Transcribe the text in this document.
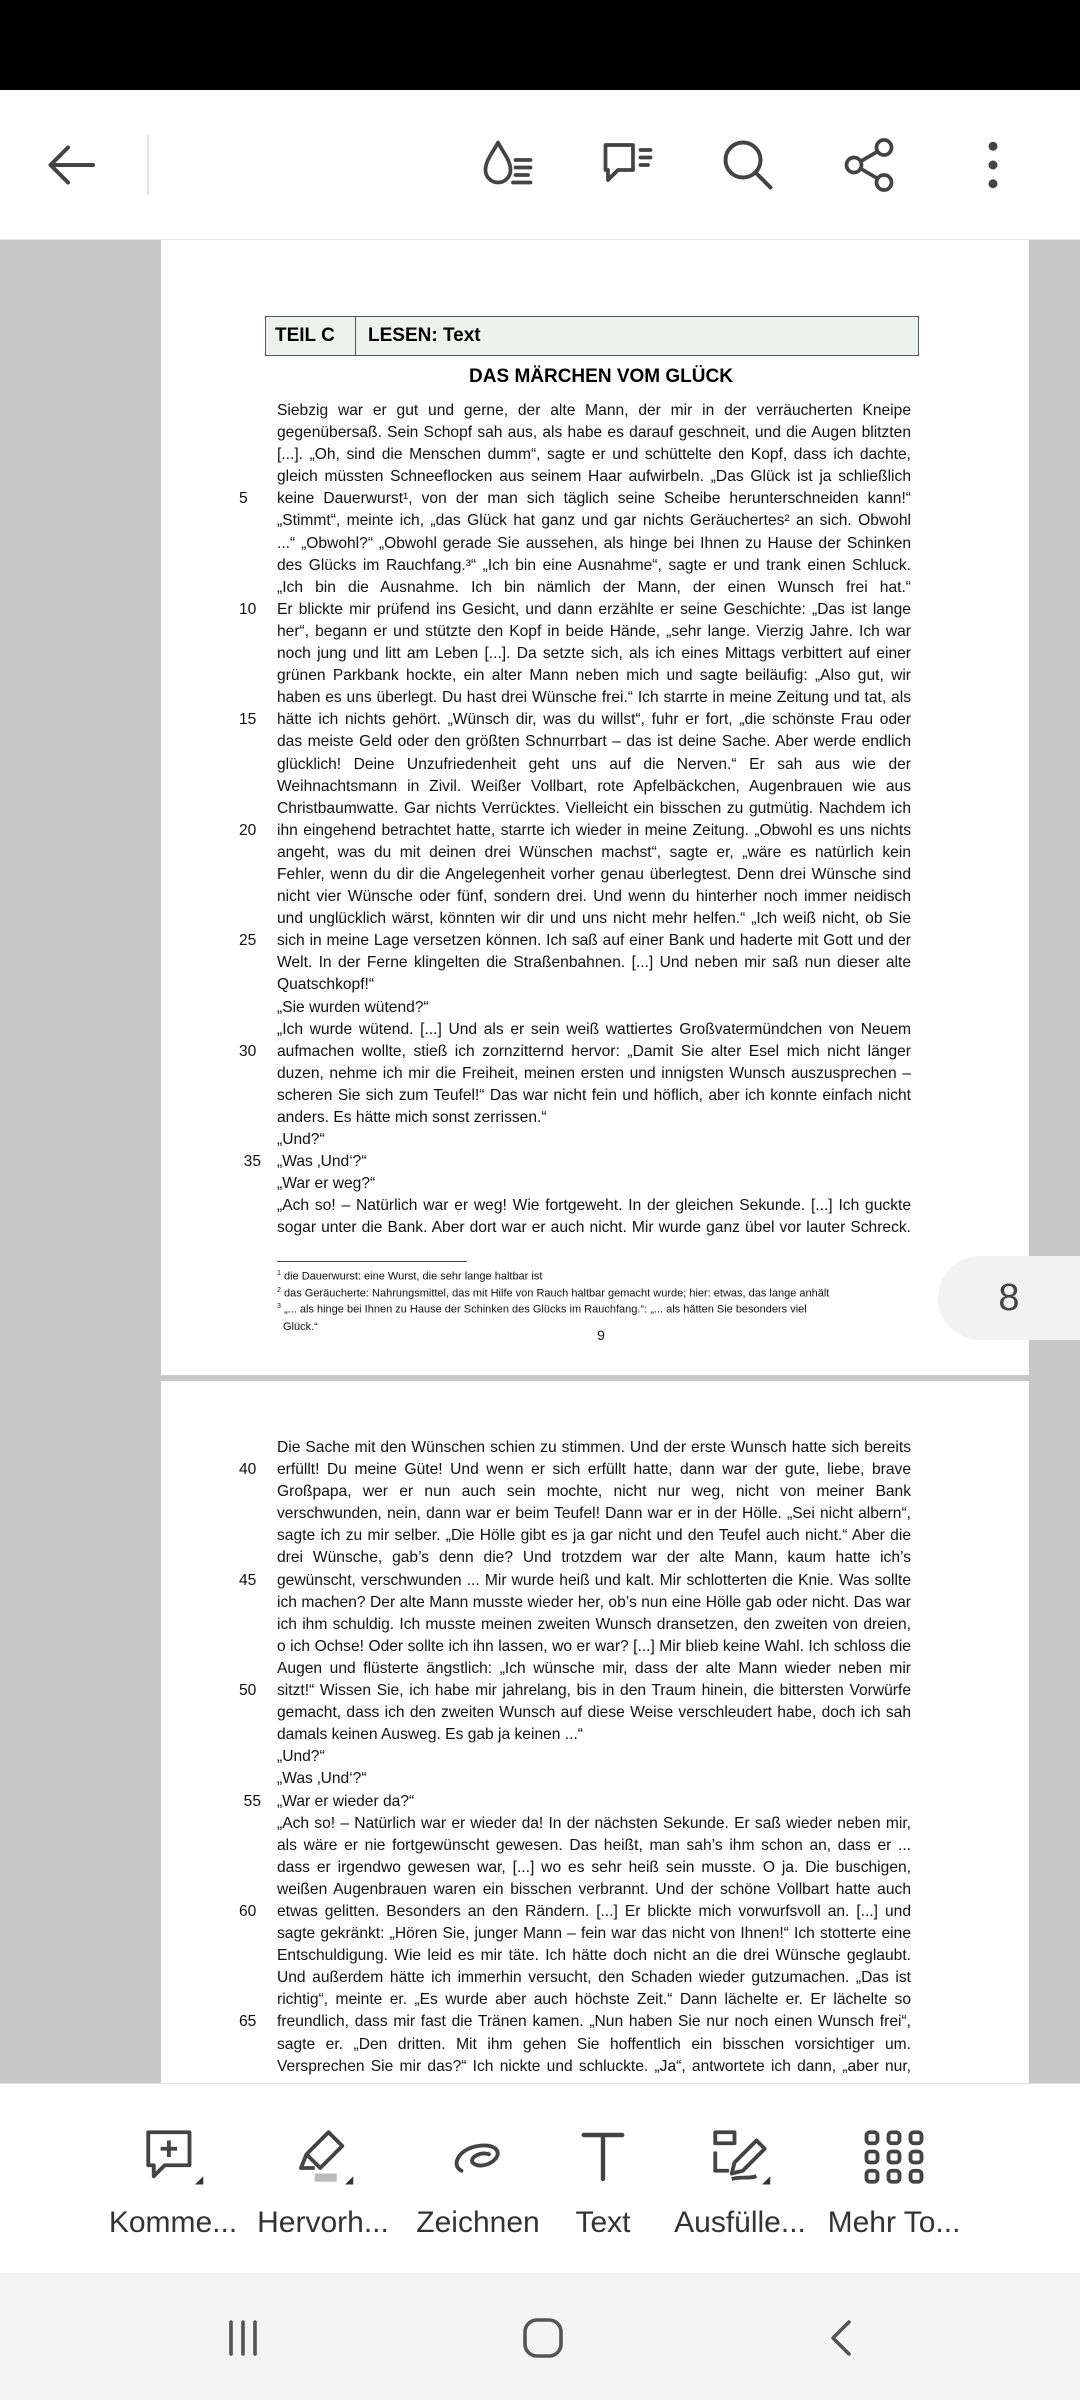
TEIL C	LESEN: Text
DAS MÄRCHEN VOM GLÜCK
Siebzig war er gut und gerne, der alte Mann, der mir in der verräucherten Kneipe
gegenübersaß. Sein Schopf sah aus, als habe es darauf geschneit, und die Augen blitzten
[...]. „Oh, sind die Menschen dumm“, sagte er und schüttelte den Kopf, dass ich dachte,
gleich müssten Schneeflocken aus seinem Haar aufwirbeln. „Das Glück ist ja schließlich
5	keine Dauerwurst¹, von der man sich täglich seine Scheibe herunterschneiden kann!“
„Stimmt“, meinte ich, „das Glück hat ganz und gar nichts Geräuchertes² an sich. Obwohl
...“ „Obwohl?“ „Obwohl gerade Sie aussehen, als hinge bei Ihnen zu Hause der Schinken
des Glücks im Rauchfang.³“ „Ich bin eine Ausnahme“, sagte er und trank einen Schluck.
„Ich bin die Ausnahme. Ich bin nämlich der Mann, der einen Wunsch frei hat.“
10 Er blickte mir prüfend ins Gesicht, und dann erzählte er seine Geschichte: „Das ist lange
her“, begann er und stützte den Kopf in beide Hände, „sehr lange. Vierzig Jahre. Ich war
noch jung und litt am Leben [...]. Da setzte sich, als ich eines Mittags verbittert auf einer
grünen Parkbank hockte, ein alter Mann neben mich und sagte beiläufig: „Also gut, wir
haben es uns überlegt. Du hast drei Wünsche frei.“ Ich starrte in meine Zeitung und tat, als
15 hätte ich nichts gehört. „Wünsch dir, was du willst“, fuhr er fort, „die schönste Frau oder
das meiste Geld oder den größten Schnurrbart – das ist deine Sache. Aber werde endlich
glücklich! Deine Unzufriedenheit geht uns auf die Nerven.“ Er sah aus wie der
Weihnachtsmann in Zivil. Weißer Vollbart, rote Apfelbäckchen, Augenbrauen wie aus
Christbaumwatte. Gar nichts Verrücktes. Vielleicht ein bisschen zu gutmütig. Nachdem ich
20 ihn eingehend betrachtet hatte, starrte ich wieder in meine Zeitung. „Obwohl es uns nichts
angeht, was du mit deinen drei Wünschen machst“, sagte er, „wäre es natürlich kein
Fehler, wenn du dir die Angelegenheit vorher genau überlegtest. Denn drei Wünsche sind
nicht vier Wünsche oder fünf, sondern drei. Und wenn du hinterher noch immer neidisch
und unglücklich wärst, könnten wir dir und uns nicht mehr helfen.“ „Ich weiß nicht, ob Sie
25 sich in meine Lage versetzen können. Ich saß auf einer Bank und haderte mit Gott und der
Welt. In der Ferne klingelten die Straßenbahnen. [...] Und neben mir saß nun dieser alte
Quatschkopf!“
„Sie wurden wütend?“
„Ich wurde wütend. [...] Und als er sein weiß wattiertes Großvatermündchen von Neuem
30 aufmachen wollte, stieß ich zornzitternd hervor: „Damit Sie alter Esel mich nicht länger
duzen, nehme ich mir die Freiheit, meinen ersten und innigsten Wunsch auszusprechen –
scheren Sie sich zum Teufel!“ Das war nicht fein und höflich, aber ich konnte einfach nicht
anders. Es hätte mich sonst zerrissen.“
„Und?“
35 „Was ‚Und‘?“
„War er weg?“
„Ach so! – Natürlich war er weg! Wie fortgeweht. In der gleichen Sekunde. [...] Ich guckte
sogar unter die Bank. Aber dort war er auch nicht. Mir wurde ganz übel vor lauter Schreck.
$^1$ die Dauerwurst: eine Wurst, die sehr lange haltbar ist
$^2$ das Geräucherte: Nahrungsmittel, das mit Hilfe von Rauch haltbar gemacht wurde; hier: etwas, das lange anhält
$^3$ „... als hinge bei Ihnen zu Hause der Schinken des Glücks im Rauchfang.“: „... als hätten Sie besonders viel
Glück.“
9
Die Sache mit den Wünschen schien zu stimmen. Und der erste Wunsch hatte sich bereits
40 erfüllt! Du meine Güte! Und wenn er sich erfüllt hatte, dann war der gute, liebe, brave
Großpapa, wer er nun auch sein mochte, nicht nur weg, nicht von meiner Bank
verschwunden, nein, dann war er beim Teufel! Dann war er in der Hölle. „Sei nicht albern“,
sagte ich zu mir selber. „Die Hölle gibt es ja gar nicht und den Teufel auch nicht.“ Aber die
drei Wünsche, gab’s denn die? Und trotzdem war der alte Mann, kaum hatte ich’s
45 gewünscht, verschwunden ... Mir wurde heiß und kalt. Mir schlotterten die Knie. Was sollte
ich machen? Der alte Mann musste wieder her, ob’s nun eine Hölle gab oder nicht. Das war
ich ihm schuldig. Ich musste meinen zweiten Wunsch dransetzen, den zweiten von dreien,
o ich Ochse! Oder sollte ich ihn lassen, wo er war? [...] Mir blieb keine Wahl. Ich schloss die
Augen und flüsterte ängstlich: „Ich wünsche mir, dass der alte Mann wieder neben mir
50 sitzt!“ Wissen Sie, ich habe mir jahrelang, bis in den Traum hinein, die bittersten Vorwürfe
gemacht, dass ich den zweiten Wunsch auf diese Weise verschleudert habe, doch ich sah
damals keinen Ausweg. Es gab ja keinen ...“
„Und?“
„Was ‚Und‘?“
55 „War er wieder da?“
„Ach so! – Natürlich war er wieder da! In der nächsten Sekunde. Er saß wieder neben mir,
als wäre er nie fortgewünscht gewesen. Das heißt, man sah’s ihm schon an, dass er ...
dass er irgendwo gewesen war, [...] wo es sehr heiß sein musste. O ja. Die buschigen,
weißen Augenbrauen waren ein bisschen verbrannt. Und der schöne Vollbart hatte auch
60 etwas gelitten. Besonders an den Rändern. [...] Er blickte mich vorwurfsvoll an. [...] und
sagte gekränkt: „Hören Sie, junger Mann – fein war das nicht von Ihnen!“ Ich stotterte eine
Entschuldigung. Wie leid es mir täte. Ich hätte doch nicht an die drei Wünsche geglaubt.
Und außerdem hätte ich immerhin versucht, den Schaden wieder gutzumachen. „Das ist
richtig“, meinte er. „Es wurde aber auch höchste Zeit.“ Dann lächelte er. Er lächelte so
65 freundlich, dass mir fast die Tränen kamen. „Nun haben Sie nur noch einen Wunsch frei“,
sagte er. „Den dritten. Mit ihm gehen Sie hoffentlich ein bisschen vorsichtiger um.
Versprechen Sie mir das?“ Ich nickte und schluckte. „Ja“, antwortete ich dann, „aber nur,
8
Komme... Hervorh... Zeichnen	Text	Ausfülle... Mehr To...
